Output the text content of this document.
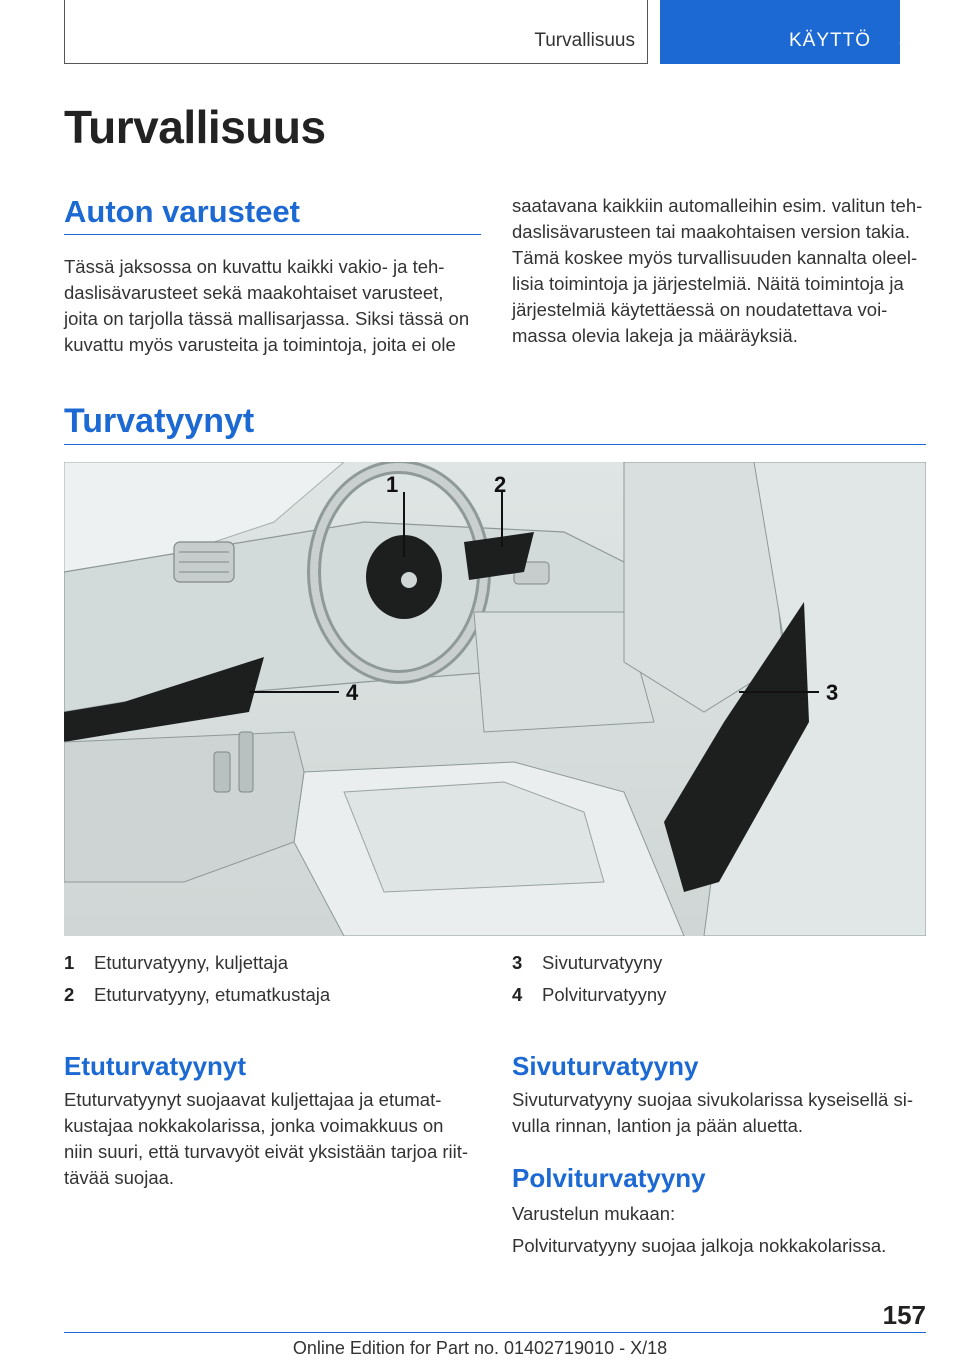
Turvallisuus	KÄYTTÖ
Turvallisuus
Auton varusteet

Tässä jaksossa on kuvattu kaikki vakio- ja teh-

daslisävarusteet sekä maakohtaiset varusteet,

joita on tarjolla tässä mallisarjassa. Siksi tässä on

kuvattu myös varusteita ja toimintoja, joita ei ole

saatavana kaikkiin automalleihin esim. valitun teh-

daslisävarusteen tai maakohtaisen version takia.

Tämä koskee myös turvallisuuden kannalta oleel-

lisia toimintoja ja järjestelmiä. Näitä toimintoja ja

järjestelmiä käytettäessä on noudatettava voi-

massa olevia lakeja ja määräyksiä.

Turvatyynyt
1	2
3
4
1 Etuturvatyyny, kuljettaja
2 Etuturvatyyny, etumatkustaja
3 Sivuturvatyyny
4 Polviturvatyyny
Etuturvatyynyt

Etuturvatyynyt suojaavat kuljettajaa ja etumat-

kustajaa nokkakolarissa, jonka voimakkuus on

niin suuri, että turvavyöt eivät yksistään tarjoa riit-

tävää suojaa.

Sivuturvatyyny

Sivuturvatyyny suojaa sivukolarissa kyseisellä si-

vulla rinnan, lantion ja pään aluetta.

Polviturvatyyny
Varustelun mukaan:
Polviturvatyyny suojaa jalkoja nokkakolarissa.
157
Online Edition for Part no. 01402719010 - X/18
